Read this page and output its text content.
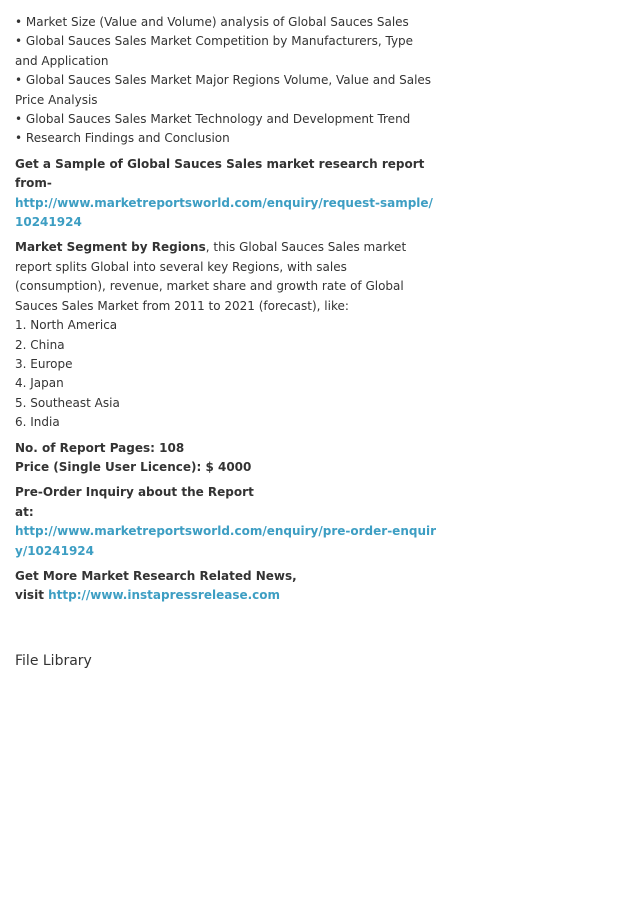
• Market Size (Value and Volume) analysis of Global Sauces Sales
• Global Sauces Sales Market Competition by Manufacturers, Type
and Application
• Global Sauces Sales Market Major Regions Volume, Value and Sales
Price Analysis
• Global Sauces Sales Market Technology and Development Trend
• Research Findings and Conclusion
Get a Sample of Global Sauces Sales market research report
from-
http://www.marketreportsworld.com/enquiry/request-sample/
10241924
Market Segment by Regions, this Global Sauces Sales market
report splits Global into several key Regions, with sales
(consumption), revenue, market share and growth rate of Global
Sauces Sales Market from 2011 to 2021 (forecast), like:
1. North America
2. China
3. Europe
4. Japan
5. Southeast Asia
6. India
No. of Report Pages: 108
Price (Single User Licence): $ 4000
Pre-Order Inquiry about the Report
at:
http://www.marketreportsworld.com/enquiry/pre-order-enquir
y/10241924
Get More Market Research Related News,
visit http://www.instapressrelease.com
File Library
